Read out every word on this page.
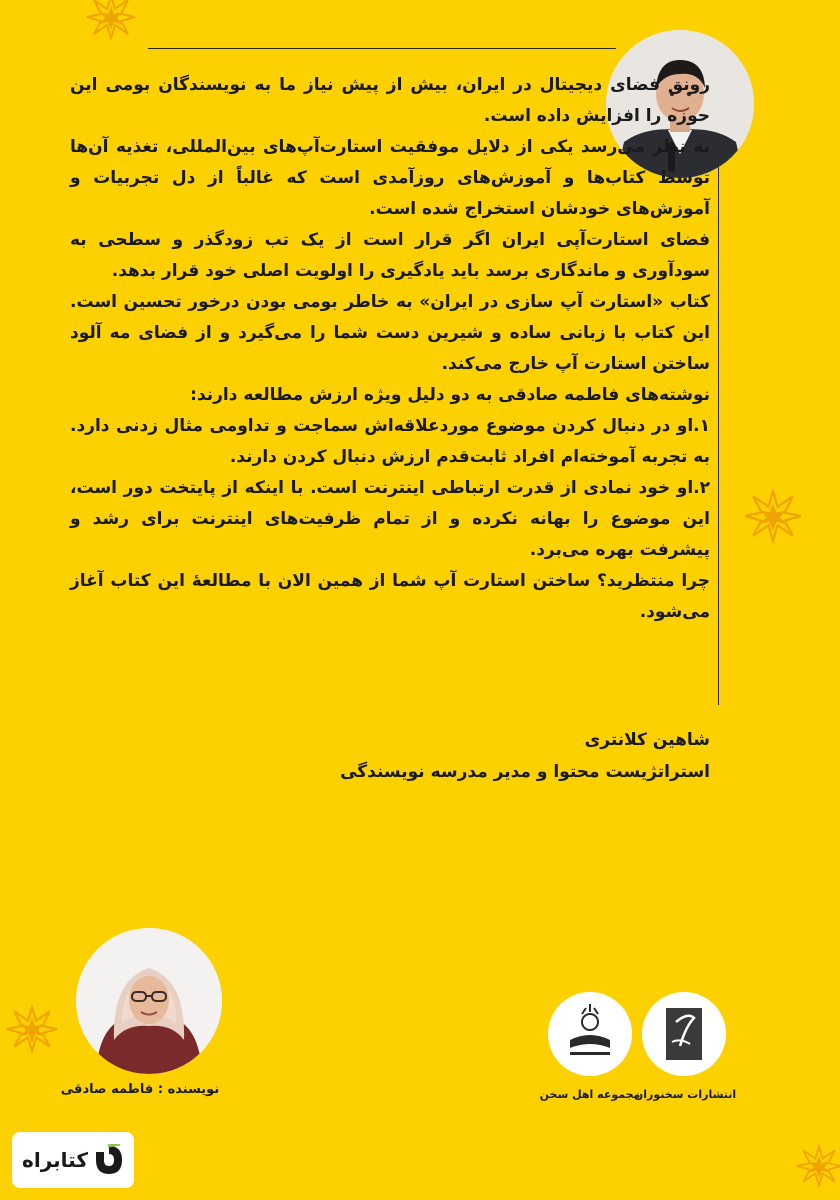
رونق فضای دیجیتال در ایران، بیش از پیش نیاز ما به نویسندگان بومی این حوزه را افزایش داده است.

به نظر می‌رسد یکی از دلایل موفقیت استارت‌آپ‌های بین‌المللی، تغذیه آن‌ها توسط کتاب‌ها و آموزش‌های روزآمدی است که غالباً از دل تجربیات و آموزش‌های خودشان استخراج شده است.

فضای استارت‌آپی ایران اگر قرار است از یک تب زودگذر و سطحی به سودآوری و ماندگاری برسد باید یادگیری را اولویت اصلی خود قرار بدهد.

کتاب «استارت آپ سازی در ایران» به خاطر بومی بودن درخور تحسین است. این کتاب با زبانی ساده و شیرین دست شما را می‌گیرد و از فضای مه آلود ساختن استارت آپ خارج می‌کند.

نوشته‌های فاطمه صادقی به دو دلیل ویژه ارزش مطالعه دارند:

۱.او در دنبال کردن موضوع موردعلاقه‌اش سماجت و تداومی مثال زدنی دارد. به تجربه آموخته‌ام افراد ثابت‌قدم ارزش دنبال کردن دارند.

۲.او خود نمادی از قدرت ارتباطی اینترنت است. با اینکه از پایتخت دور است، این موضوع را بهانه نکرده و از تمام ظرفیت‌های اینترنت برای رشد و پیشرفت بهره می‌برد.

چرا منتظرید؟ ساختن استارت آپ شما از همین الان با مطالعهٔ این کتاب آغاز می‌شود.

شاهین کلانتری
استراتژیست محتوا و مدیر مدرسه نویسندگی
نویسنده : فاطمه صادقی	مجموعه اهل سخن
انتشارات سخنوران
کتابراه
